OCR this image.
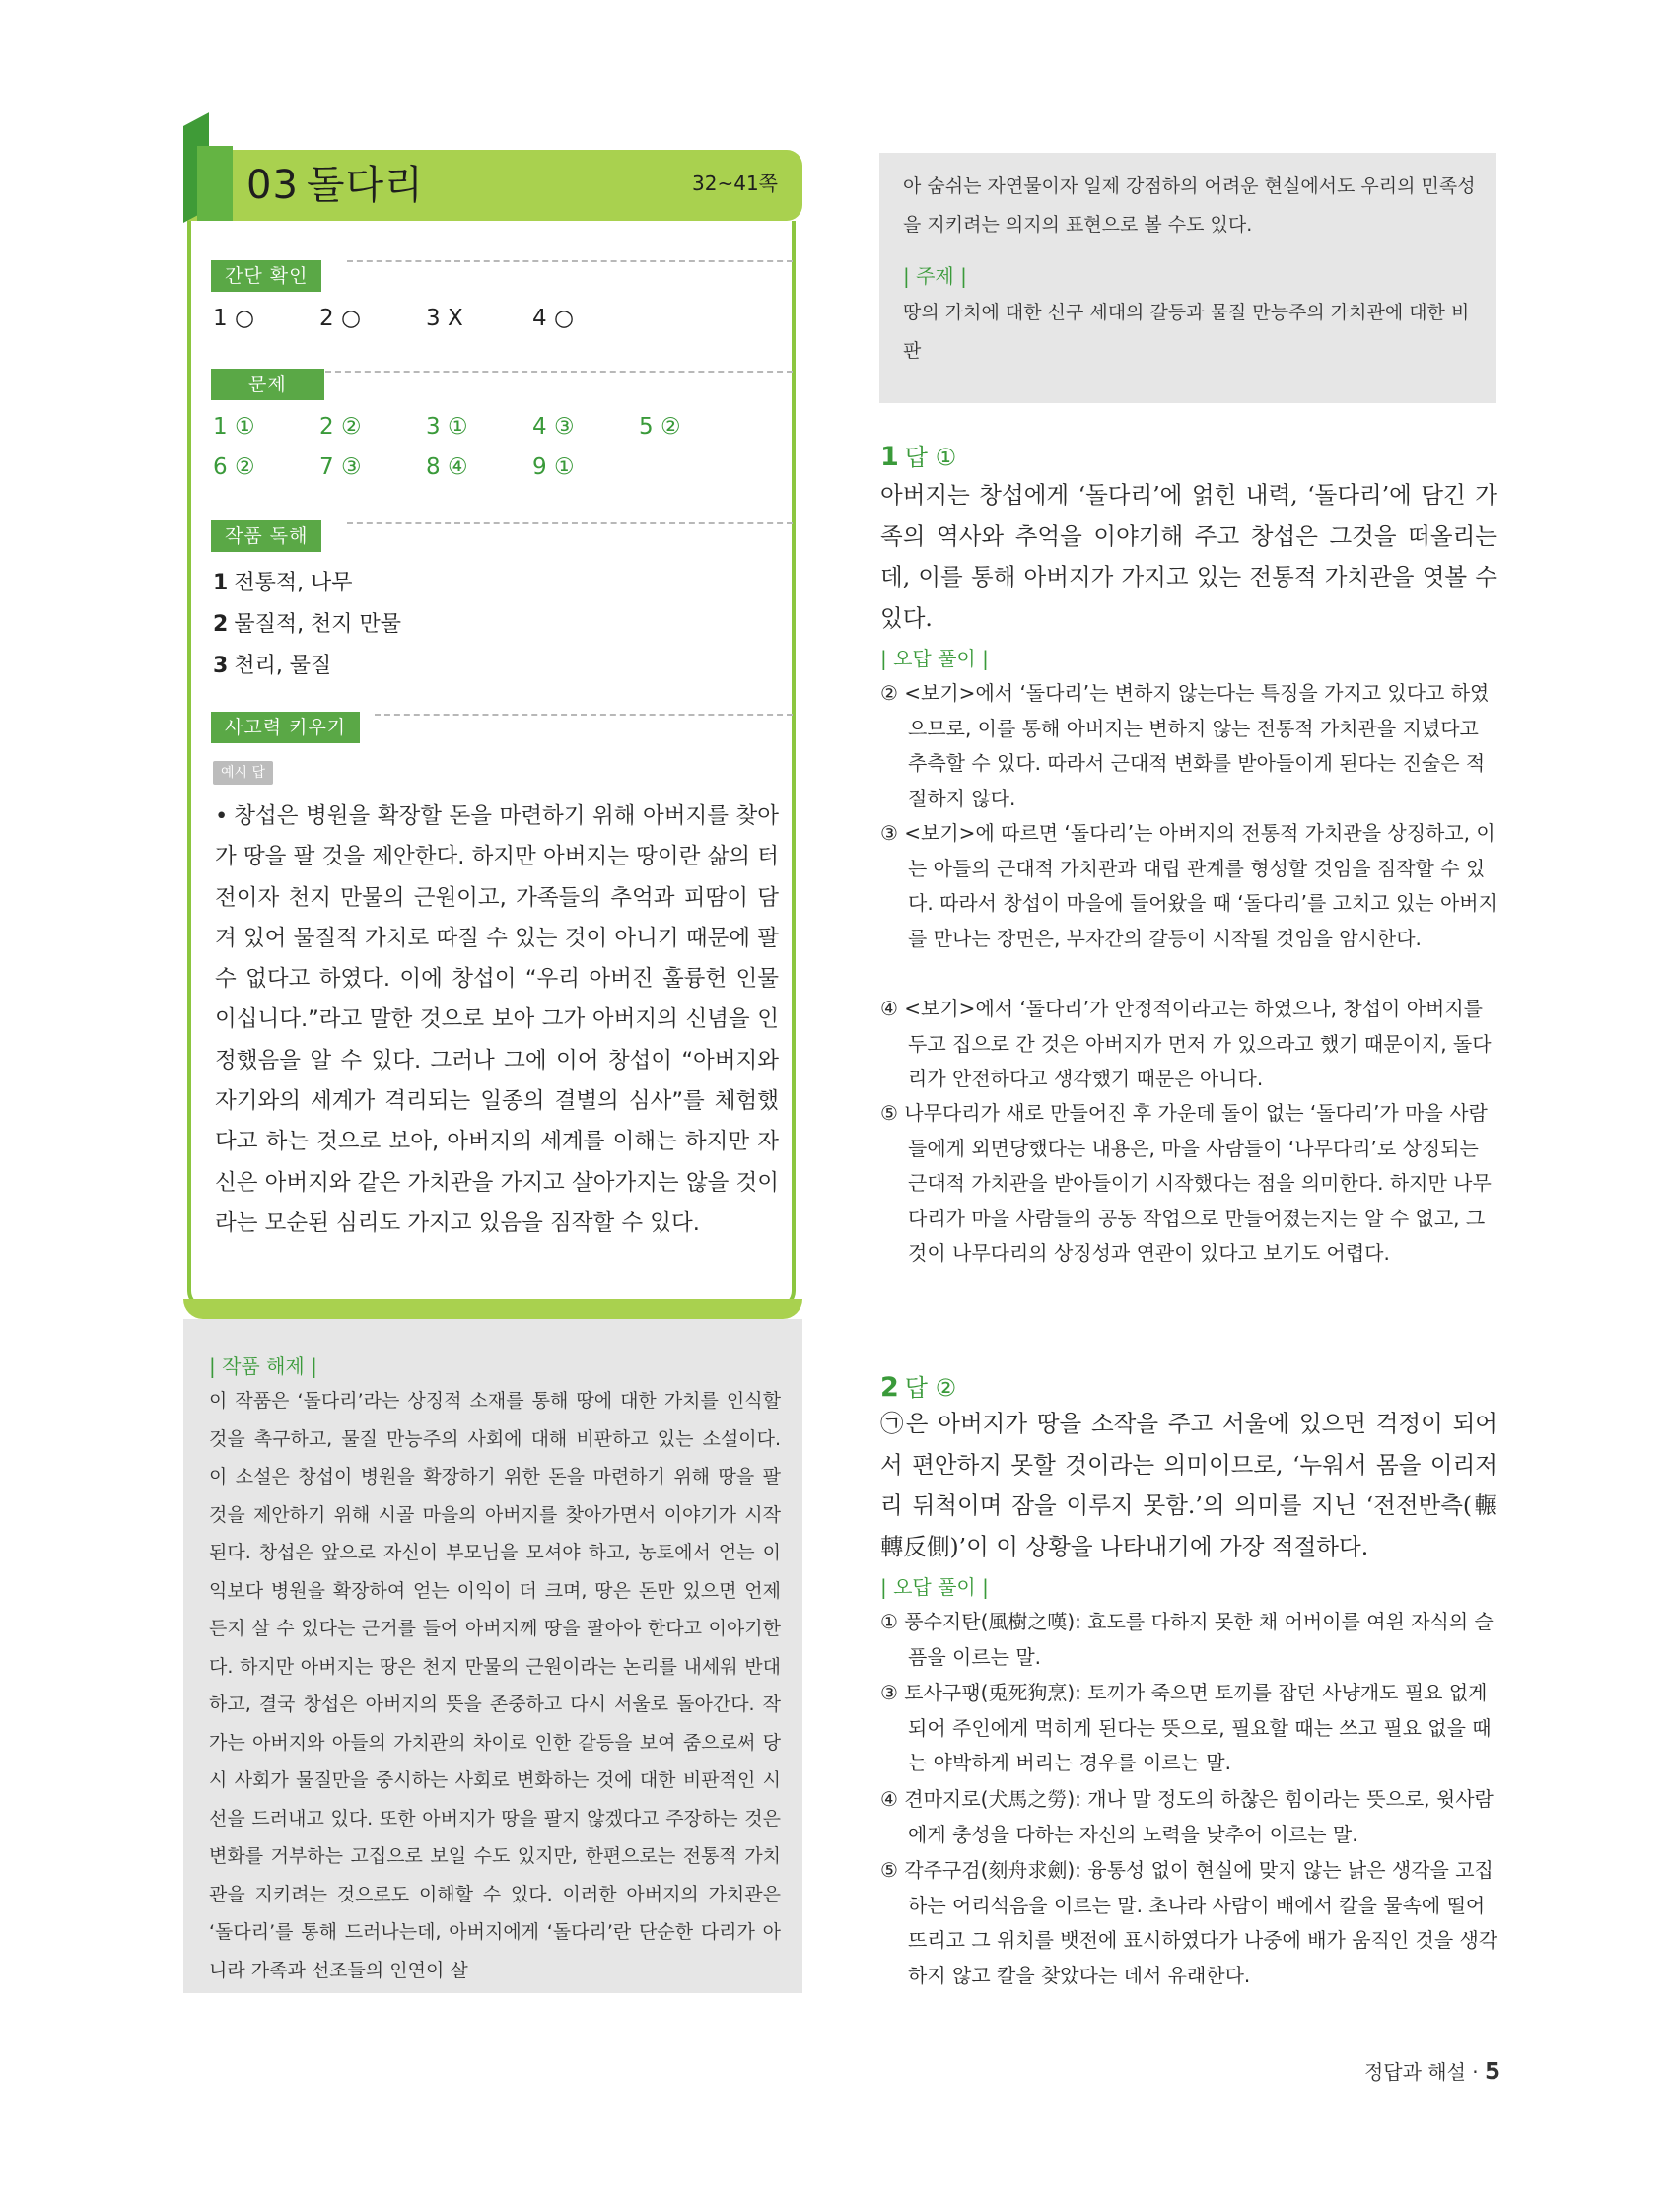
03 돌다리	32~41쪽
간단 확인
1 ○	2 ○	3 X	4 ○
문제
1 ①	2 ②	3 ①	4 ③	5 ②
6 ②	7 ③	8 ④	9 ①
작품 독해
1 전통적, 나무
2 물질적, 천지 만물
3 천리, 물질
사고력 키우기
예시 답
• 창섭은 병원을 확장할 돈을 마련하기 위해 아버지를 찾아가 땅을 팔 것을 제안한다. 하지만 아버지는 땅이란 삶의 터전이자 천지 만물의 근원이고, 가족들의 추억과 피땀이 담겨 있어 물질적 가치로 따질 수 있는 것이 아니기 때문에 팔 수 없다고 하였다. 이에 창섭이 “우리 아버진 훌륭헌 인물이십니다.”라고 말한 것으로 보아 그가 아버지의 신념을 인정했음을 알 수 있다. 그러나 그에 이어 창섭이 “아버지와 자기와의 세계가 격리되는 일종의 결별의 심사”를 체험했다고 하는 것으로 보아, 아버지의 세계를 이해는 하지만 자신은 아버지와 같은 가치관을 가지고 살아가지는 않을 것이라는 모순된 심리도 가지고 있음을 짐작할 수 있다.
| 작품 해제 |
이 작품은 ‘돌다리’라는 상징적 소재를 통해 땅에 대한 가치를 인식할 것을 촉구하고, 물질 만능주의 사회에 대해 비판하고 있는 소설이다. 이 소설은 창섭이 병원을 확장하기 위한 돈을 마련하기 위해 땅을 팔 것을 제안하기 위해 시골 마을의 아버지를 찾아가면서 이야기가 시작된다. 창섭은 앞으로 자신이 부모님을 모셔야 하고, 농토에서 얻는 이익보다 병원을 확장하여 얻는 이익이 더 크며, 땅은 돈만 있으면 언제든지 살 수 있다는 근거를 들어 아버지께 땅을 팔아야 한다고 이야기한다. 하지만 아버지는 땅은 천지 만물의 근원이라는 논리를 내세워 반대하고, 결국 창섭은 아버지의 뜻을 존중하고 다시 서울로 돌아간다. 작가는 아버지와 아들의 가치관의 차이로 인한 갈등을 보여 줌으로써 당시 사회가 물질만을 중시하는 사회로 변화하는 것에 대한 비판적인 시선을 드러내고 있다. 또한 아버지가 땅을 팔지 않겠다고 주장하는 것은 변화를 거부하는 고집으로 보일 수도 있지만, 한편으로는 전통적 가치관을 지키려는 것으로도 이해할 수 있다. 이러한 아버지의 가치관은 ‘돌다리’를 통해 드러나는데, 아버지에게 ‘돌다리’란 단순한 다리가 아니라 가족과 선조들의 인연이 살
아 숨쉬는 자연물이자 일제 강점하의 어려운 현실에서도 우리의 민족성을 지키려는 의지의 표현으로 볼 수도 있다.
| 주제 |
땅의 가치에 대한 신구 세대의 갈등과 물질 만능주의 가치관에 대한 비판
1 답 ①
아버지는 창섭에게 ‘돌다리’에 얽힌 내력, ‘돌다리’에 담긴 가족의 역사와 추억을 이야기해 주고 창섭은 그것을 떠올리는데, 이를 통해 아버지가 가지고 있는 전통적 가치관을 엿볼 수 있다.
| 오답 풀이 |
② <보기>에서 ‘돌다리’는 변하지 않는다는 특징을 가지고 있다고 하였으므로, 이를 통해 아버지는 변하지 않는 전통적 가치관을 지녔다고 추측할 수 있다. 따라서 근대적 변화를 받아들이게 된다는 진술은 적절하지 않다.
③ <보기>에 따르면 ‘돌다리’는 아버지의 전통적 가치관을 상징하고, 이는 아들의 근대적 가치관과 대립 관계를 형성할 것임을 짐작할 수 있다. 따라서 창섭이 마을에 들어왔을 때 ‘돌다리’를 고치고 있는 아버지를 만나는 장면은, 부자간의 갈등이 시작될 것임을 암시한다.
④ <보기>에서 ‘돌다리’가 안정적이라고는 하였으나, 창섭이 아버지를 두고 집으로 간 것은 아버지가 먼저 가 있으라고 했기 때문이지, 돌다리가 안전하다고 생각했기 때문은 아니다.
⑤ 나무다리가 새로 만들어진 후 가운데 돌이 없는 ‘돌다리’가 마을 사람들에게 외면당했다는 내용은, 마을 사람들이 ‘나무다리’로 상징되는 근대적 가치관을 받아들이기 시작했다는 점을 의미한다. 하지만 나무다리가 마을 사람들의 공동 작업으로 만들어졌는지는 알 수 없고, 그것이 나무다리의 상징성과 연관이 있다고 보기도 어렵다.
2 답 ②
㉠은 아버지가 땅을 소작을 주고 서울에 있으면 걱정이 되어서 편안하지 못할 것이라는 의미이므로, ‘누워서 몸을 이리저리 뒤척이며 잠을 이루지 못함.’의 의미를 지닌 ‘전전반측(輾轉反側)’이 이 상황을 나타내기에 가장 적절하다.
| 오답 풀이 |
① 풍수지탄(風樹之嘆): 효도를 다하지 못한 채 어버이를 여읜 자식의 슬픔을 이르는 말.
③ 토사구팽(兎死狗烹): 토끼가 죽으면 토끼를 잡던 사냥개도 필요 없게 되어 주인에게 먹히게 된다는 뜻으로, 필요할 때는 쓰고 필요 없을 때는 야박하게 버리는 경우를 이르는 말.
④ 견마지로(犬馬之勞): 개나 말 정도의 하찮은 힘이라는 뜻으로, 윗사람에게 충성을 다하는 자신의 노력을 낮추어 이르는 말.
⑤ 각주구검(刻舟求劍): 융통성 없이 현실에 맞지 않는 낡은 생각을 고집하는 어리석음을 이르는 말. 초나라 사람이 배에서 칼을 물속에 떨어뜨리고 그 위치를 뱃전에 표시하였다가 나중에 배가 움직인 것을 생각하지 않고 칼을 찾았다는 데서 유래한다.
정답과 해설 · 5
